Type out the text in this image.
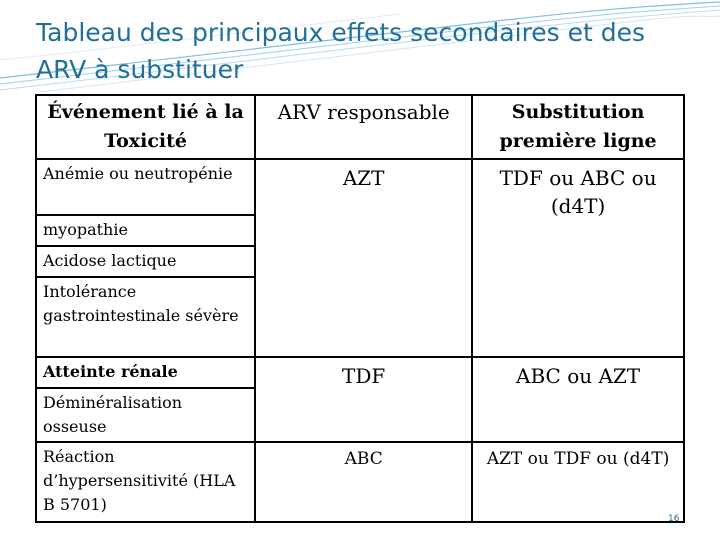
Tableau des principaux effets secondaires et des ARV à substituer
Événement lié à la Toxicité	ARV responsable	Substitution première ligne
Anémie ou neutropénie	AZT	TDF ou ABC ou (d4T)
myopathie		
Acidose lactique		
Intolérance gastrointestinale sévère		
Atteinte rénale	TDF	ABC ou AZT
Déminéralisation osseuse		
Réaction d’hypersensitivité (HLA B 5701)	ABC	AZT ou TDF ou (d4T)
16
